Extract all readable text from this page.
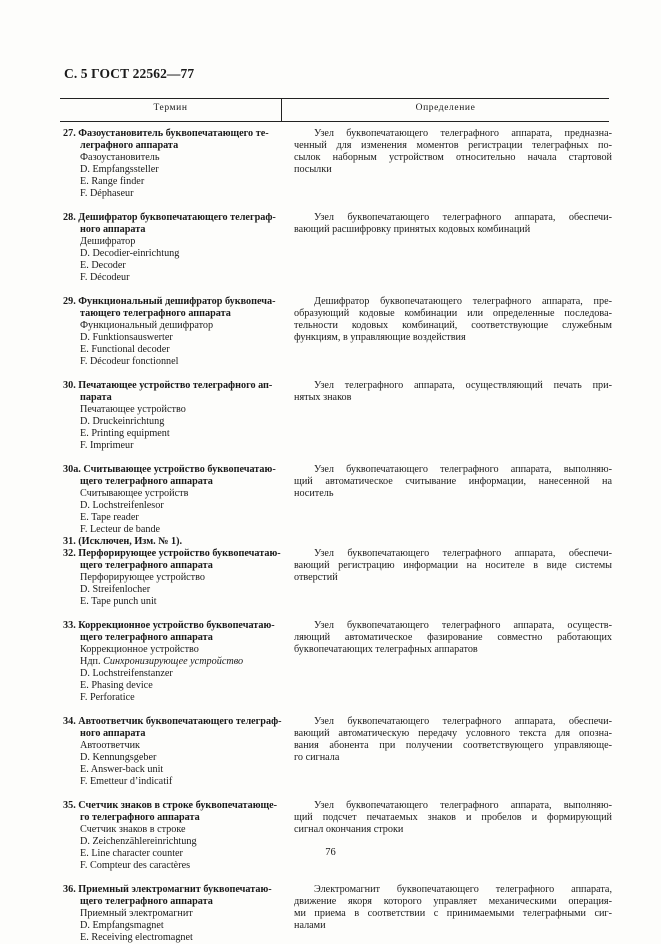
С. 5 ГОСТ 22562—77
Термин	Определение
27. Фазоустановитель буквопечатающего те-
леграфного аппарата
Фазоустановитель
D. Empfangssteller
E. Range finder
F. Déphaseur
Узел буквопечатающего телеграфного аппарата, предназна-
ченный для изменения моментов регистрации телеграфных по-
сылок наборным устройством относительно начала стартовой
посылки
28. Дешифратор буквопечатающего телеграф-
ного аппарата
Дешифратор
D. Decodier-einrichtung
E. Decoder
F. Décodeur
Узел буквопечатающего телеграфного аппарата, обеспечи-
вающий расшифровку принятых кодовых комбинаций
29. Функциональный дешифратор буквопеча-
тающего телеграфного аппарата
Функциональный дешифратор
D. Funktionsauswerter
E. Functional decoder
F. Décodeur fonctionnel
Дешифратор буквопечатающего телеграфного аппарата, пре-
образующий кодовые комбинации или определенные последова-
тельности кодовых комбинаций, соответствующие служебным
функциям, в управляющие воздействия
30. Печатающее устройство телеграфного ап-
парата
Печатающее устройство
D. Druckeinrichtung
E. Printing equipment
F. Imprimeur
Узел телеграфного аппарата, осуществляющий печать при-
нятых знаков
30а. Считывающее устройство буквопечатаю-
щего телеграфного аппарата
Считывающее устройств
D. Lochstreifenlesor
E. Tape reader
F. Lecteur de bande
Узел буквопечатающего телеграфного аппарата, выполняю-
щий автоматическое считывание информации, нанесенной на
носитель
31. (Исключен, Изм. № 1).
32. Перфорирующее устройство буквопечатаю-
щего телеграфного аппарата
Перфорирующее устройство
D. Streifenlocher
E. Tape punch unit
Узел буквопечатающего телеграфного аппарата, обеспечи-
вающий регистрацию информации на носителе в виде системы
отверстий
33. Коррекционное устройство буквопечатаю-
щего телеграфного аппарата
Коррекционное устройство
Ндп. Синхронизирующее устройство
D. Lochstreifenstanzer
E. Phasing device
F. Perforatice
Узел буквопечатающего телеграфного аппарата, осуществ-
ляющий автоматическое фазирование совместно работающих
буквопечатающих телеграфных аппаратов
34. Автоответчик буквопечатающего телеграф-
ного аппарата
Автоответчик
D. Kennungsgeber
E. Answer-back unit
F. Emetteur d’indicatif
Узел буквопечатающего телеграфного аппарата, обеспечи-
вающий автоматическую передачу условного текста для опозна-
вания абонента при получении соответствующего управляюще-
го сигнала
35. Счетчик знаков в строке буквопечатающе-
го телеграфного аппарата
Счетчик знаков в строке
D. Zeichenzählereinrichtung
E. Line character counter
F. Compteur des caractères
Узел буквопечатающего телеграфного аппарата, выполняю-
щий подсчет печатаемых знаков и пробелов и формирующий
сигнал окончания строки
36. Приемный электромагнит буквопечатаю-
щего телеграфного аппарата
Приемный электромагнит
D. Empfangsmagnet
E. Receiving electromagnet
Электромагнит буквопечатающего телеграфного аппарата,
движение якоря которого управляет механическими операция-
ми приема в соответствии с принимаемыми телеграфными сиг-
налами
76
